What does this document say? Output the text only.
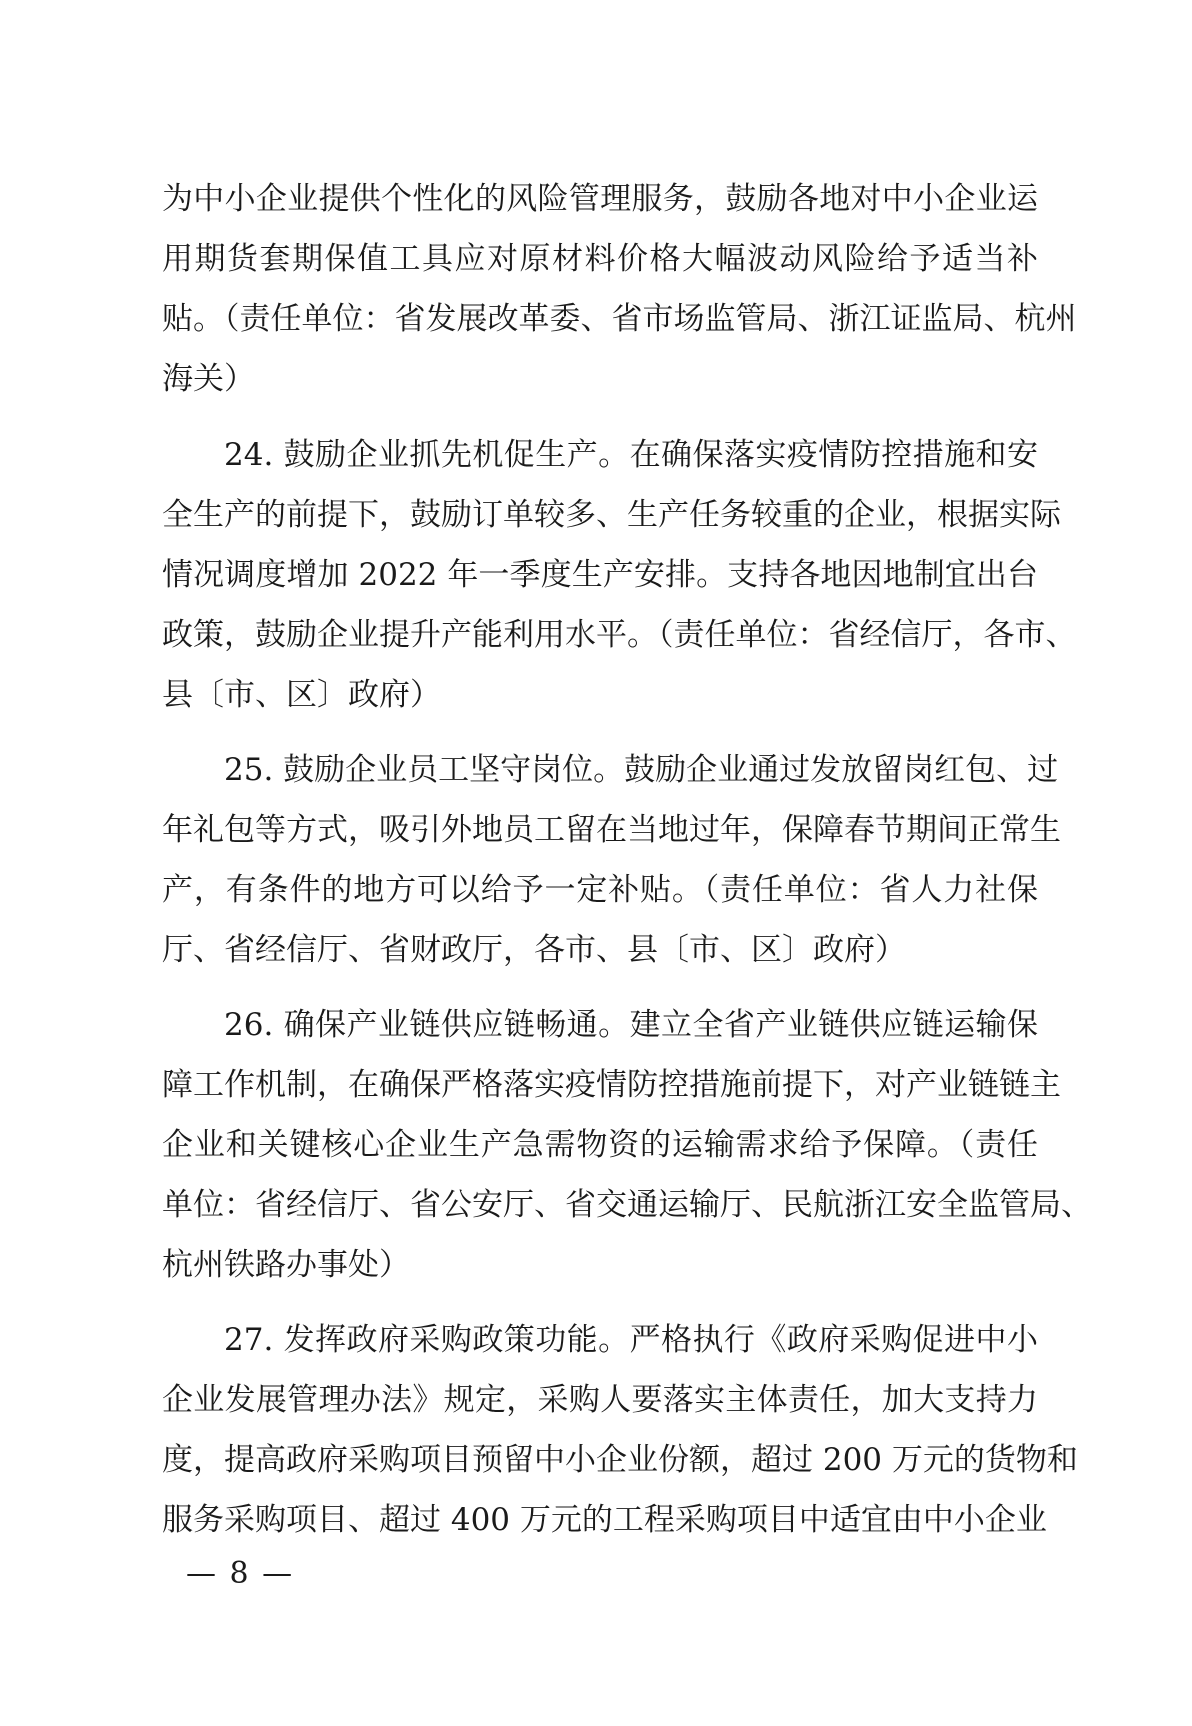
为中小企业提供个性化的风险管理服务，鼓励各地对中小企业运
用期货套期保值工具应对原材料价格大幅波动风险给予适当补
贴。（责任单位：省发展改革委、省市场监管局、浙江证监局、杭州
海关）
24. 鼓励企业抓先机促生产。在确保落实疫情防控措施和安
全生产的前提下，鼓励订单较多、生产任务较重的企业，根据实际
情况调度增加 2022 年一季度生产安排。支持各地因地制宜出台
政策，鼓励企业提升产能利用水平。（责任单位：省经信厅，各市、
县〔市、区〕政府）
25. 鼓励企业员工坚守岗位。鼓励企业通过发放留岗红包、过
年礼包等方式，吸引外地员工留在当地过年，保障春节期间正常生
产，有条件的地方可以给予一定补贴。（责任单位：省人力社保
厅、省经信厅、省财政厅，各市、县〔市、区〕政府）
26. 确保产业链供应链畅通。建立全省产业链供应链运输保
障工作机制，在确保严格落实疫情防控措施前提下，对产业链链主
企业和关键核心企业生产急需物资的运输需求给予保障。（责任
单位：省经信厅、省公安厅、省交通运输厅、民航浙江安全监管局、
杭州铁路办事处）
27. 发挥政府采购政策功能。严格执行《政府采购促进中小
企业发展管理办法》规定，采购人要落实主体责任，加大支持力
度，提高政府采购项目预留中小企业份额，超过 200 万元的货物和
服务采购项目、超过 400 万元的工程采购项目中适宜由中小企业
— 8 —
